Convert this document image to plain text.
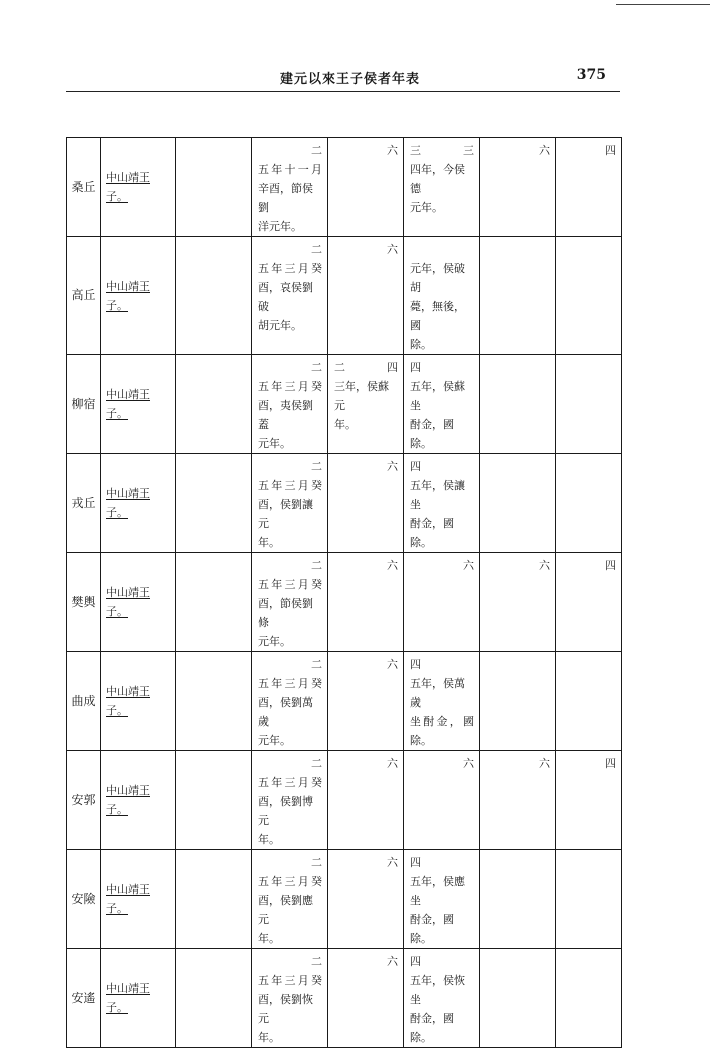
建元以來王子侯者年表	375
桑丘	中山靖王子。		二
五年十一月
辛酉，節侯劉
洋元年。	六	三 三
四年，今侯德
元年。	六	四

高丘	中山靖王子。		二
五年三月癸
酉，哀侯劉破
胡元年。	六	元年，侯破胡
薨，無後，國
除。		

柳宿	中山靖王子。		二
五年三月癸
酉，夷侯劉蓋
元年。	二 四
三年，侯蘇元
年。	四
五年，侯蘇坐
酎金，國除。		

戎丘	中山靖王子。		二
五年三月癸
酉，侯劉讓元
年。	六	四
五年，侯讓坐
酎金，國除。		

樊輿	中山靖王子。		二
五年三月癸
酉，節侯劉條
元年。	六	六	六	四

曲成	中山靖王子。		二
五年三月癸
酉，侯劉萬歲
元年。	六	四
五年，侯萬歲
坐酎金，國
除。		

安郭	中山靖王子。		二
五年三月癸
酉，侯劉博元
年。	六	六	六	四

安險	中山靖王子。		二
五年三月癸
酉，侯劉應元
年。	六	四
五年，侯應坐
酎金，國除。		

安遙	中山靖王子。		二
五年三月癸
酉，侯劉恢元
年。	六	四
五年，侯恢坐
酎金，國除。		
